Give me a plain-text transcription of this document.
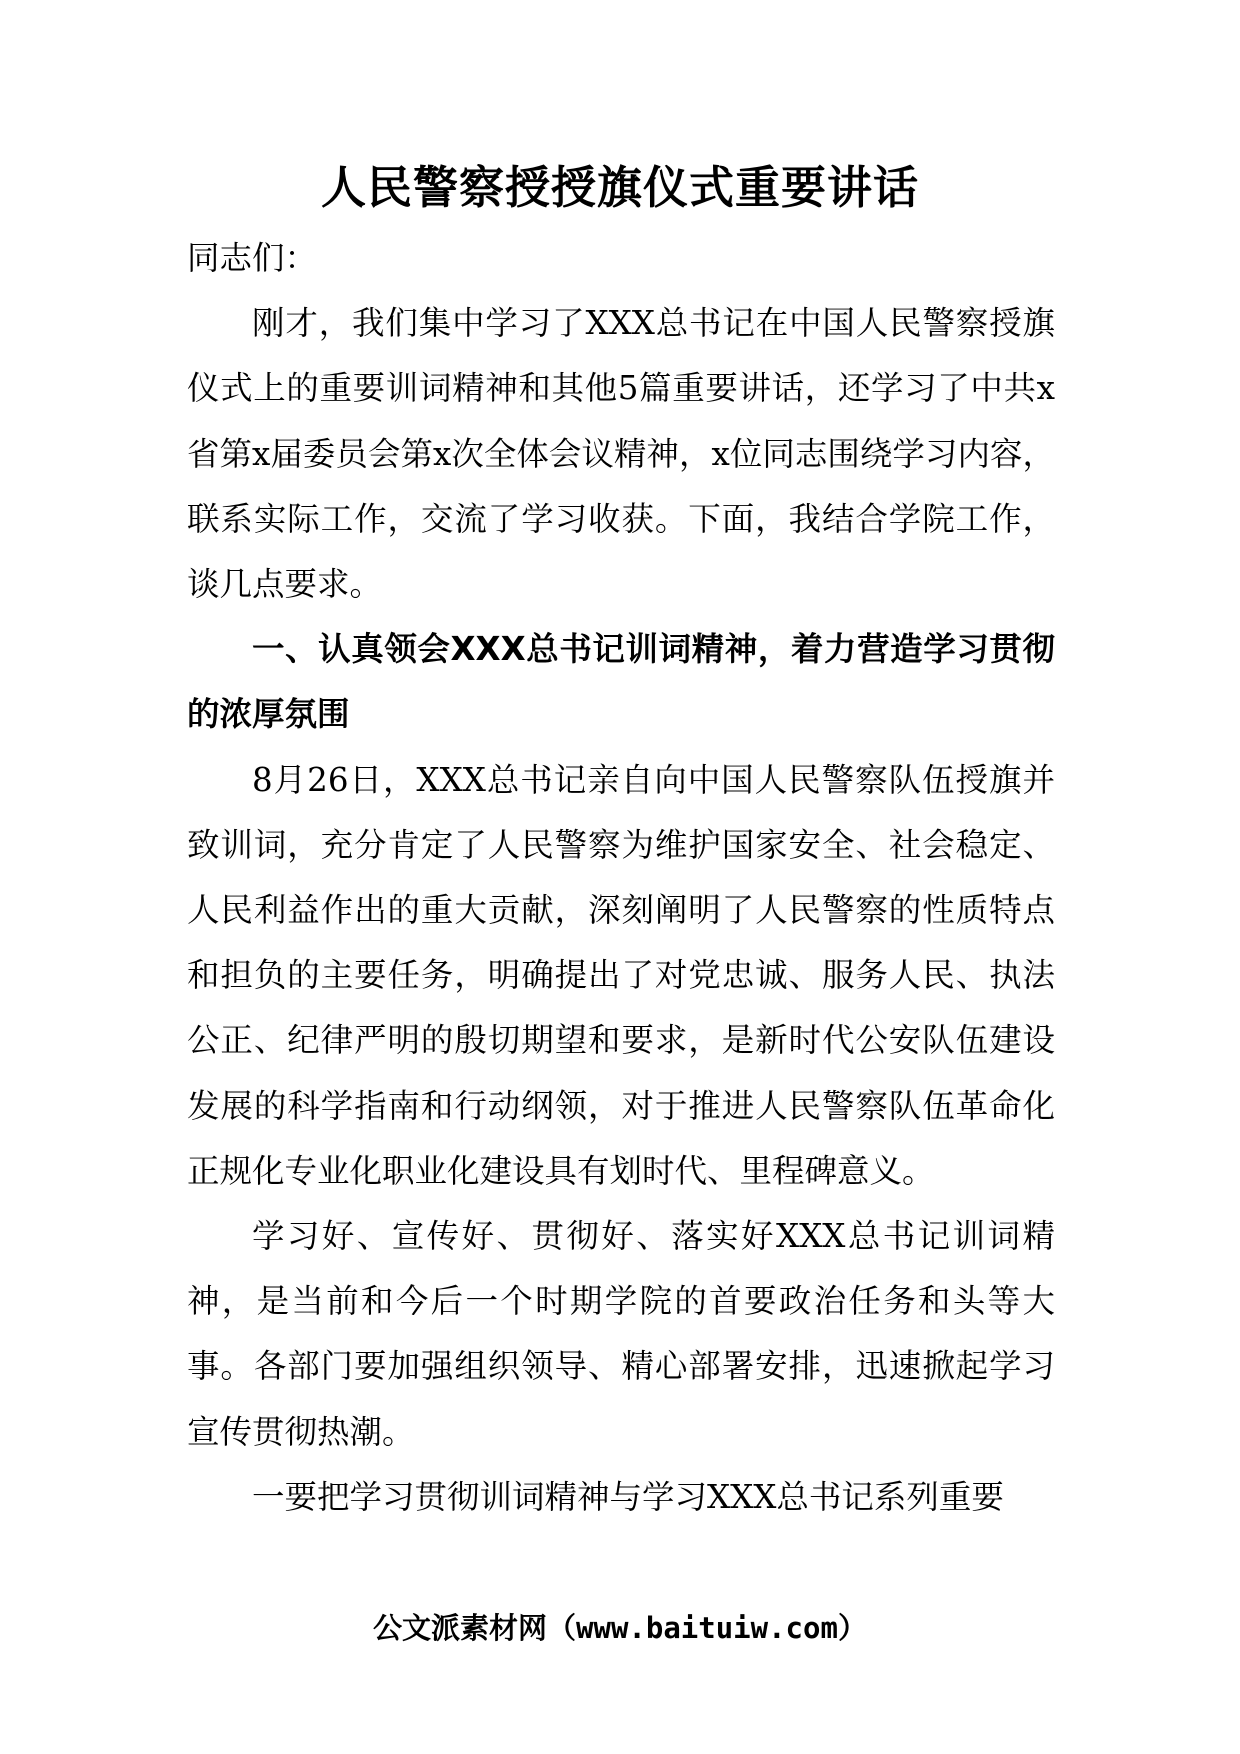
人民警察授授旗仪式重要讲话

同志们：

刚才，我们集中学习了XXX总书记在中国人民警察授旗仪式上的重要训词精神和其他5篇重要讲话，还学习了中共x省第x届委员会第x次全体会议精神，x位同志围绕学习内容，联系实际工作，交流了学习收获。下面，我结合学院工作，谈几点要求。

一、认真领会XXX总书记训词精神，着力营造学习贯彻的浓厚氛围

8月26日，XXX总书记亲自向中国人民警察队伍授旗并致训词，充分肯定了人民警察为维护国家安全、社会稳定、人民利益作出的重大贡献，深刻阐明了人民警察的性质特点和担负的主要任务，明确提出了对党忠诚、服务人民、执法公正、纪律严明的殷切期望和要求，是新时代公安队伍建设发展的科学指南和行动纲领，对于推进人民警察队伍革命化正规化专业化职业化建设具有划时代、里程碑意义。

学习好、宣传好、贯彻好、落实好XXX总书记训词精神，是当前和今后一个时期学院的首要政治任务和头等大事。各部门要加强组织领导、精心部署安排，迅速掀起学习宣传贯彻热潮。

一要把学习贯彻训词精神与学习XXX总书记系列重要

公文派素材网（www.baituiw.com）
